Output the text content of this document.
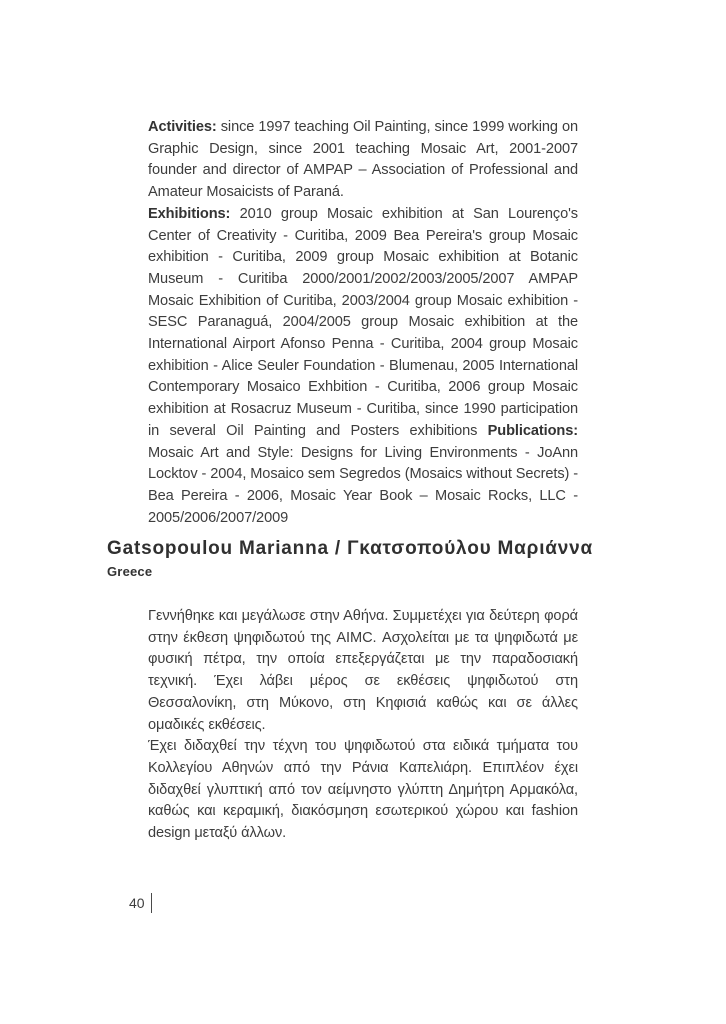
Activities: since 1997 teaching Oil Painting, since 1999 working on Graphic Design, since 2001 teaching Mosaic Art, 2001-2007 founder and director of AMPAP – Association of Professional and Amateur Mosaicists of Paraná.

Exhibitions: 2010 group Mosaic exhibition at San Lourenço's Center of Creativity - Curitiba, 2009 Bea Pereira's group Mosaic exhibition - Curitiba, 2009 group Mosaic exhibition at Botanic Museum - Curitiba 2000/2001/2002/2003/2005/2007 AMPAP Mosaic Exhibition of Curitiba, 2003/2004 group Mosaic exhibition - SESC Paranaguá, 2004/2005 group Mosaic exhibition at the International Airport Afonso Penna - Curitiba, 2004 group Mosaic exhibition - Alice Seuler Foundation - Blumenau, 2005 International Contemporary Mosaico Exhbition - Curitiba, 2006 group Mosaic exhibition at Rosacruz Museum - Curitiba, since 1990 participation in several Oil Painting and Posters exhibitions Publications: Mosaic Art and Style: Designs for Living Environments - JoAnn Locktov - 2004, Mosaico sem Segredos (Mosaics without Secrets) - Bea Pereira - 2006, Mosaic Year Book – Mosaic Rocks, LLC - 2005/2006/2007/2009

Gatsopoulou Marianna / Γκατσοπούλου Μαριάννα

Greece

Γεννήθηκε και μεγάλωσε στην Αθήνα. Συμμετέχει για δεύτερη φορά στην έκθεση ψηφιδωτού της AIMC. Ασχολείται με τα ψηφιδωτά με φυσική πέτρα, την οποία επεξεργάζεται με την παραδοσιακή τεχνική. Έχει λάβει μέρος σε εκθέσεις ψηφιδωτού στη Θεσσαλονίκη, στη Μύκονο, στη Κηφισιά καθώς και σε άλλες ομαδικές εκθέσεις.

Έχει διδαχθεί την τέχνη του ψηφιδωτού στα ειδικά τμήματα του Κολλεγίου Αθηνών από την Ράνια Καπελιάρη. Επιπλέον έχει διδαχθεί γλυπτική από τον αείμνηστο γλύπτη Δημήτρη Αρμακόλα, καθώς και κεραμική, διακόσμηση εσωτερικού χώρου και fashion design μεταξύ άλλων.

40
